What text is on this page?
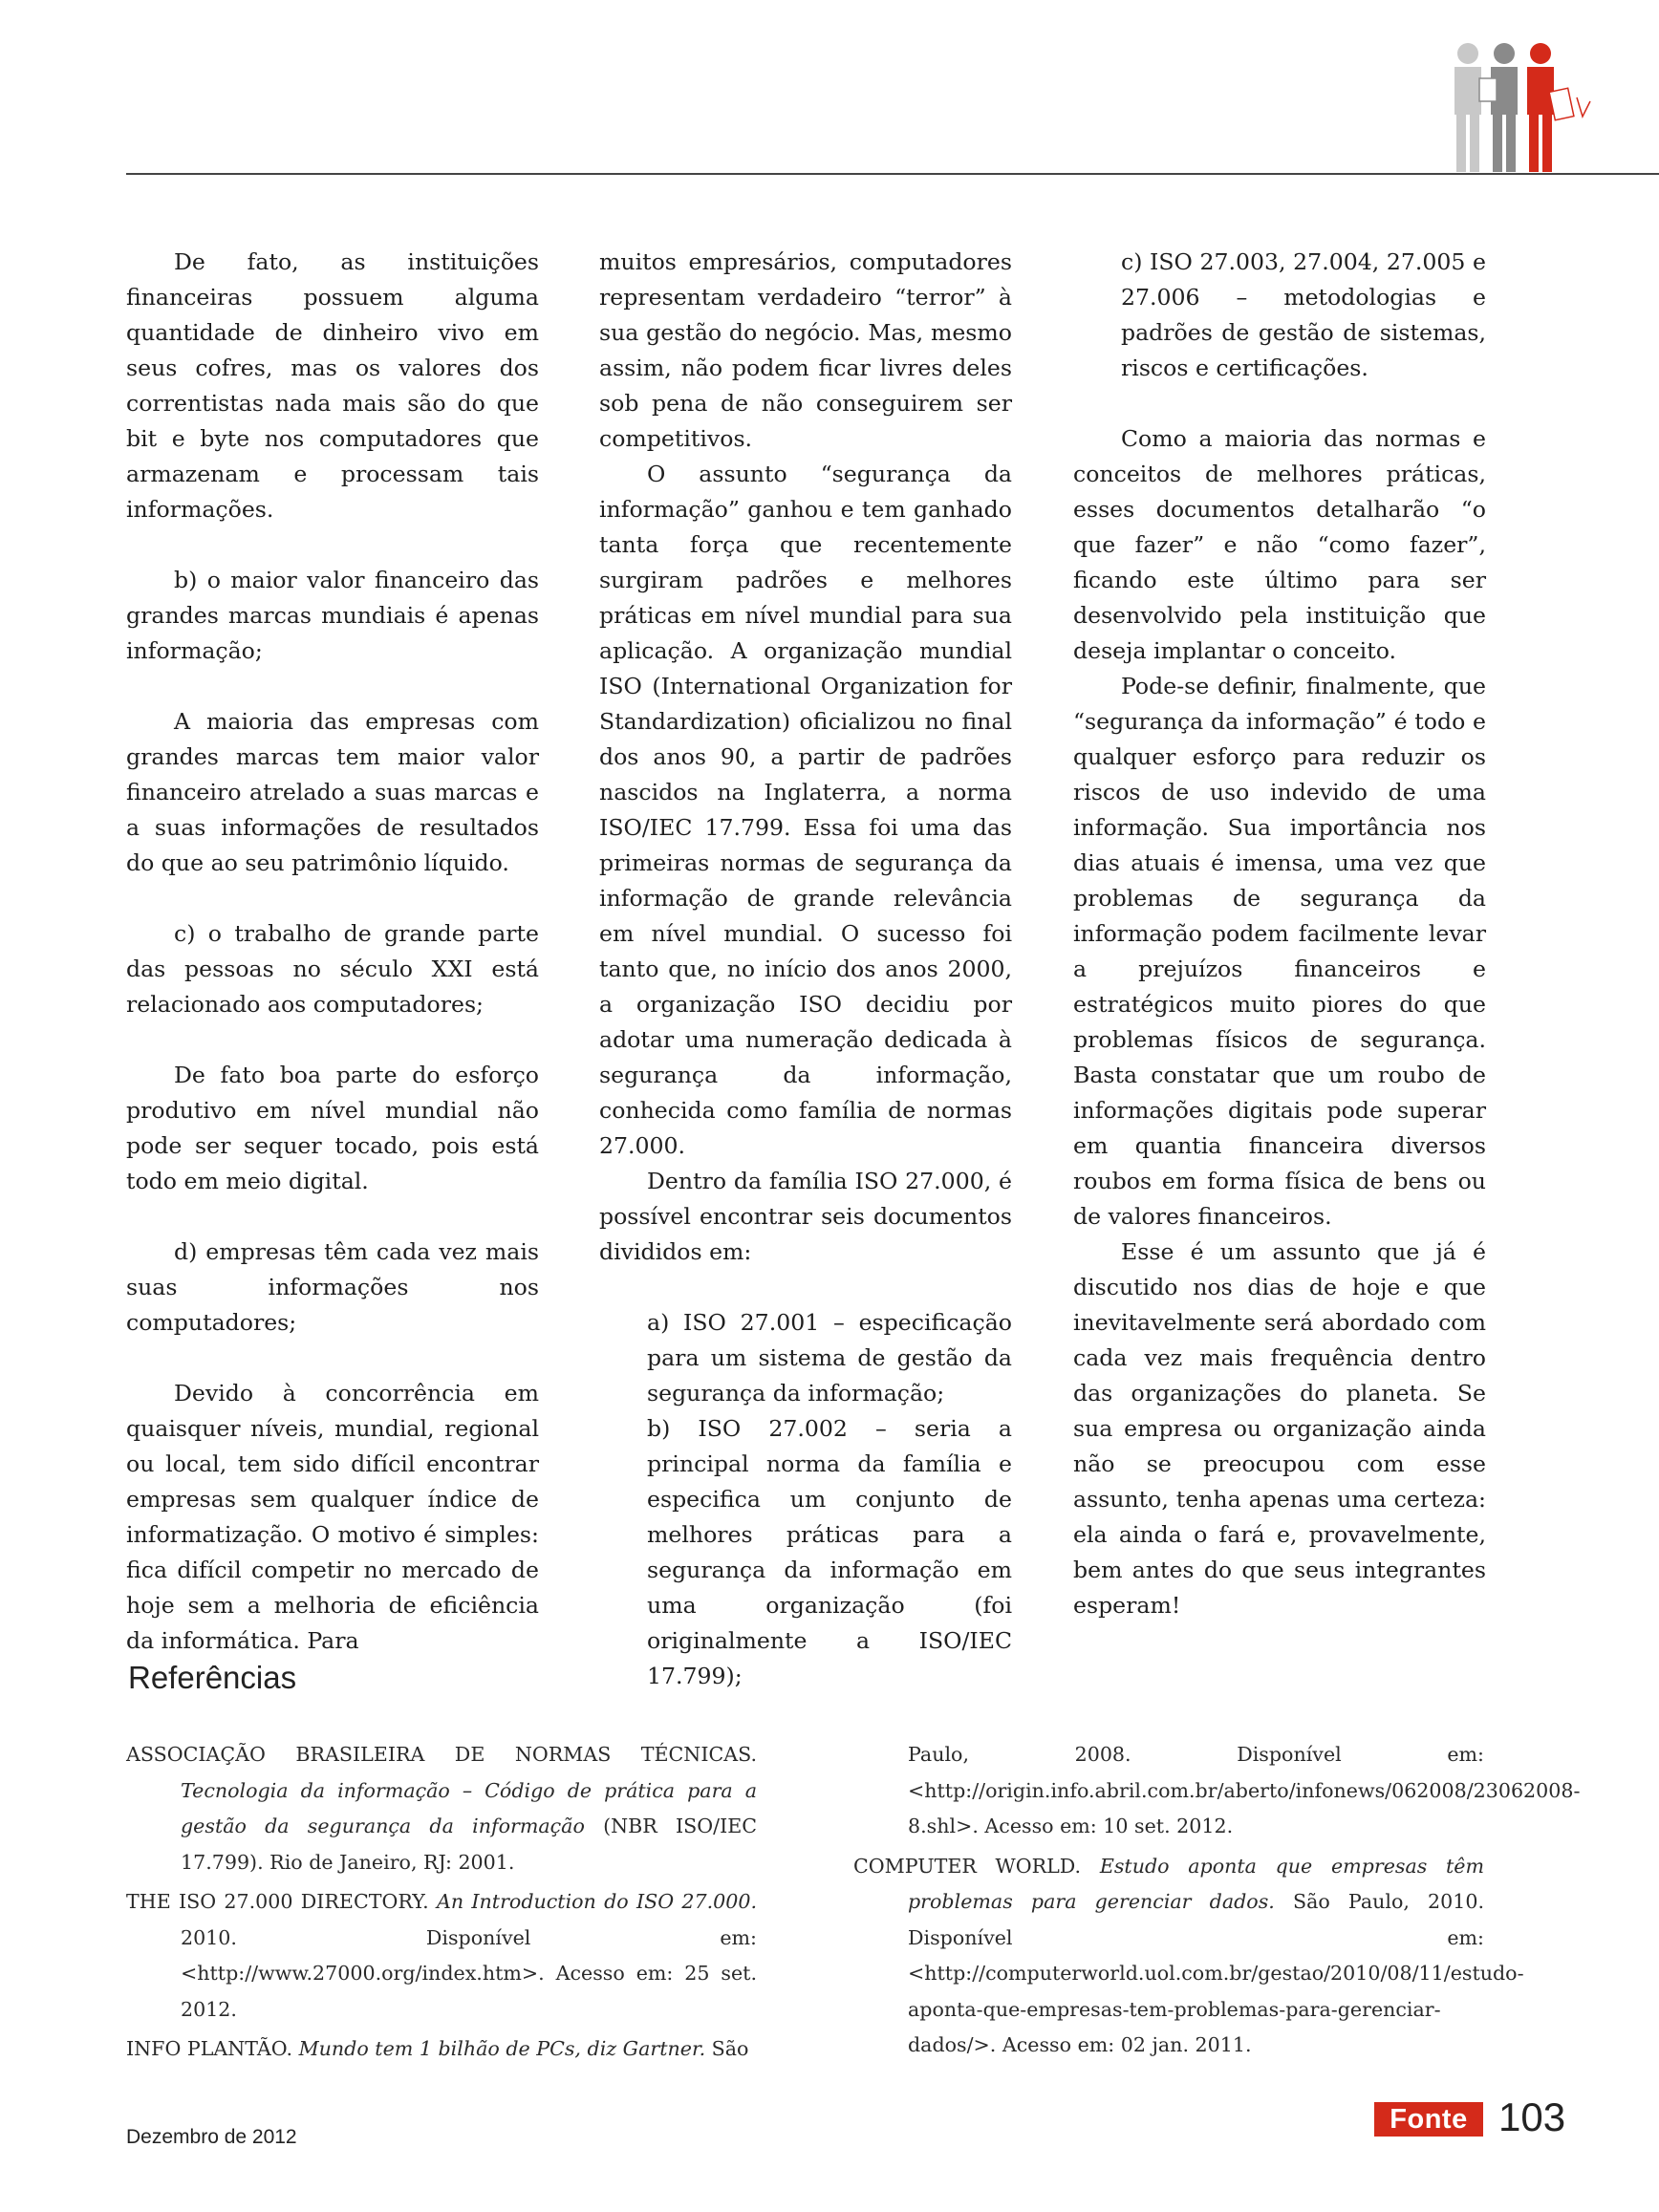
De fato, as instituições financeiras possuem alguma quantidade de dinheiro vivo em seus cofres, mas os valores dos correntistas nada mais são do que bit e byte nos computadores que armazenam e processam tais informações.

b) o maior valor financeiro das grandes marcas mundiais é apenas informação;

A maioria das empresas com grandes marcas tem maior valor financeiro atrelado a suas marcas e a suas informações de resultados do que ao seu patrimônio líquido.

c) o trabalho de grande parte das pessoas no século XXI está relacionado aos computadores;

De fato boa parte do esforço produtivo em nível mundial não pode ser sequer tocado, pois está todo em meio digital.

d) empresas têm cada vez mais suas informações nos computadores;

Devido à concorrência em quaisquer níveis, mundial, regional ou local, tem sido difícil encontrar empresas sem qualquer índice de informatização. O motivo é simples: fica difícil competir no mercado de hoje sem a melhoria de eficiência da informática. Para

muitos empresários, computadores representam verdadeiro “terror” à sua gestão do negócio. Mas, mesmo assim, não podem ficar livres deles sob pena de não conseguirem ser competitivos.

O assunto “segurança da informação” ganhou e tem ganhado tanta força que recentemente surgiram padrões e melhores práticas em nível mundial para sua aplicação. A organização mundial ISO (International Organization for Standardization) oficializou no final dos anos 90, a partir de padrões nascidos na Inglaterra, a norma ISO/IEC 17.799. Essa foi uma das primeiras normas de segurança da informação de grande relevância em nível mundial. O sucesso foi tanto que, no início dos anos 2000, a organização ISO decidiu por adotar uma numeração dedicada à segurança da informação, conhecida como família de normas 27.000.

Dentro da família ISO 27.000, é possível encontrar seis documentos divididos em:

a) ISO 27.001 – especificação para um sistema de gestão da segurança da informação;

b) ISO 27.002 – seria a principal norma da família e especifica um conjunto de melhores práticas para a segurança da informação em uma organização (foi originalmente a ISO/IEC 17.799);

c) ISO 27.003, 27.004, 27.005 e 27.006 – metodologias e padrões de gestão de sistemas, riscos e certificações.

Como a maioria das normas e conceitos de melhores práticas, esses documentos detalharão “o que fazer” e não “como fazer”, ficando este último para ser desenvolvido pela instituição que deseja implantar o conceito.

Pode-se definir, finalmente, que “segurança da informação” é todo e qualquer esforço para reduzir os riscos de uso indevido de uma informação. Sua importância nos dias atuais é imensa, uma vez que problemas de segurança da informação podem facilmente levar a prejuízos financeiros e estratégicos muito piores do que problemas físicos de segurança. Basta constatar que um roubo de informações digitais pode superar em quantia financeira diversos roubos em forma física de bens ou de valores financeiros.

Esse é um assunto que já é discutido nos dias de hoje e que inevitavelmente será abordado com cada vez mais frequência dentro das organizações do planeta. Se sua empresa ou organização ainda não se preocupou com esse assunto, tenha apenas uma certeza: ela ainda o fará e, provavelmente, bem antes do que seus integrantes esperam!

Referências
ASSOCIAÇÃO BRASILEIRA DE NORMAS TÉCNICAS. Tecnologia da informação – Código de prática para a gestão da segurança da informação (NBR ISO/IEC 17.799). Rio de Janeiro, RJ: 2001.
THE ISO 27.000 DIRECTORY. An Introduction do ISO 27.000. 2010. Disponível em: <http://www.27000.org/index.htm>. Acesso em: 25 set. 2012.
INFO PLANTÃO. Mundo tem 1 bilhão de PCs, diz Gartner. São
Paulo, 2008. Disponível em: <http://origin.info.abril.com.br/aberto/infonews/062008/23062008-8.shl>. Acesso em: 10 set. 2012.
COMPUTER WORLD. Estudo aponta que empresas têm problemas para gerenciar dados. São Paulo, 2010. Disponível em: <http://computerworld.uol.com.br/gestao/2010/08/11/estudo-aponta-que-empresas-tem-problemas-para-gerenciar-dados/>. Acesso em: 02 jan. 2011.
Dezembro de 2012
Fonte 103
